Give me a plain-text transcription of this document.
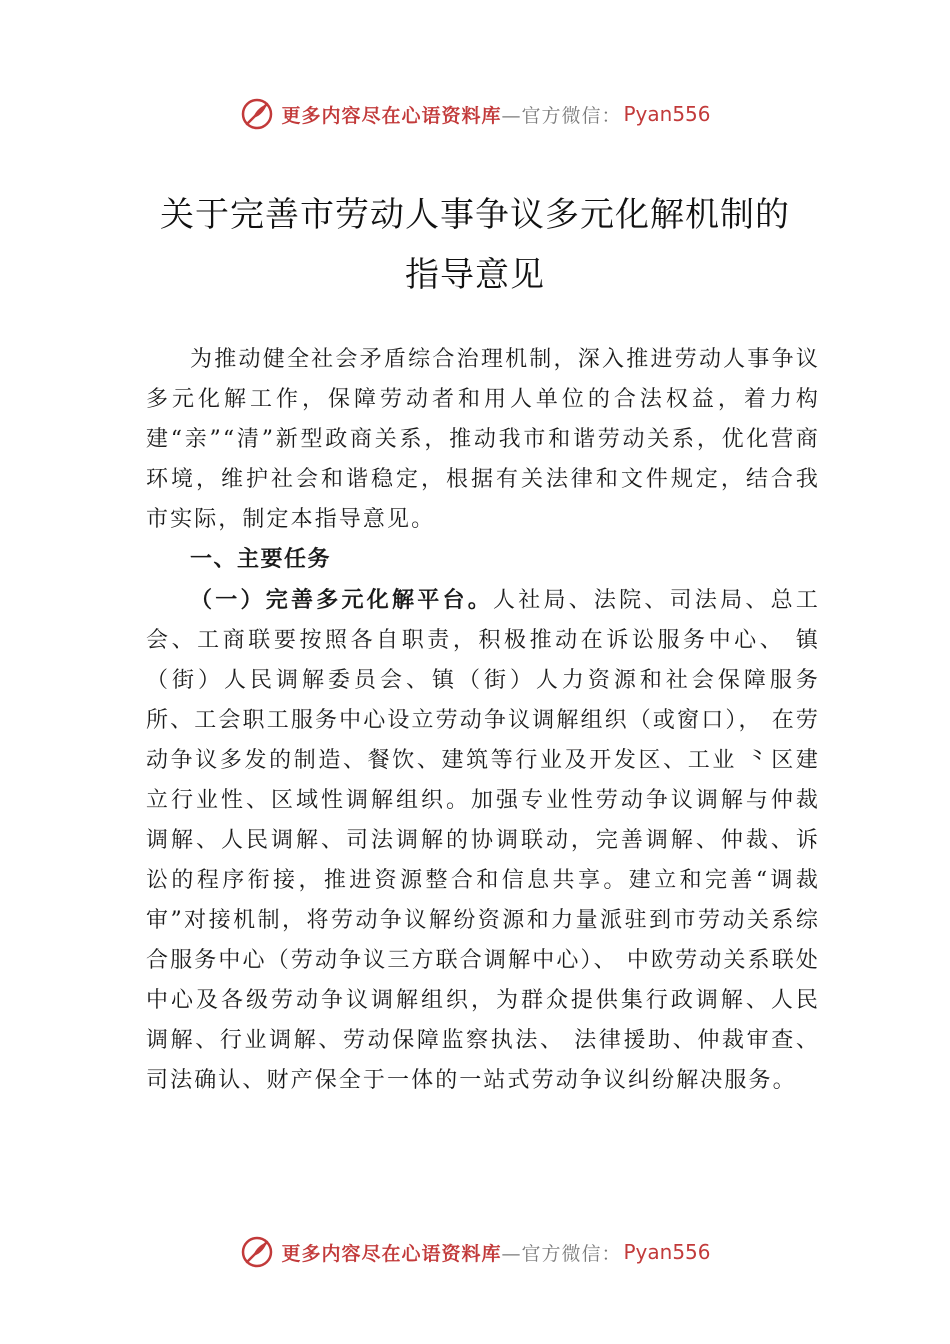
更多内容尽在心语资料库 —官方微信： Pyan556
关于完善市劳动人事争议多元化解机制的
指导意见

为推动健全社会矛盾综合治理机制，深入推进劳动人事争议多元化解工作，保障劳动者和用人单位的合法权益，着力构建“亲”“清”新型政商关系，推动我市和谐劳动关系，优化营商环境，维护社会和谐稳定，根据有关法律和文件规定，结合我市实际，制定本指导意见。

一、主要任务

（一）完善多元化解平台。人社局、法院、司法局、总工会、工商联要按照各自职责，积极推动在诉讼服务中心、 镇（街）人民调解委员会、镇（街）人力资源和社会保障服务所、工会职工服务中心设立劳动争议调解组织（或窗口）， 在劳动争议多发的制造、餐饮、建筑等行业及开发区、工业 ⺀区建立行业性、区域性调解组织。加强专业性劳动争议调解与仲裁调解、人民调解、司法调解的协调联动，完善调解、仲裁、诉讼的程序衔接，推进资源整合和信息共享。建立和完善“调裁审”对接机制，将劳动争议解纷资源和力量派驻到市劳动关系综合服务中心（劳动争议三方联合调解中心）、 中欧劳动关系联处中心及各级劳动争议调解组织，为群众提供集行政调解、人民调解、行业调解、劳动保障监察执法、 法律援助、仲裁审查、司法确认、财产保全于一体的一站式劳动争议纠纷解决服务。

更多内容尽在心语资料库 —官方微信： Pyan556
